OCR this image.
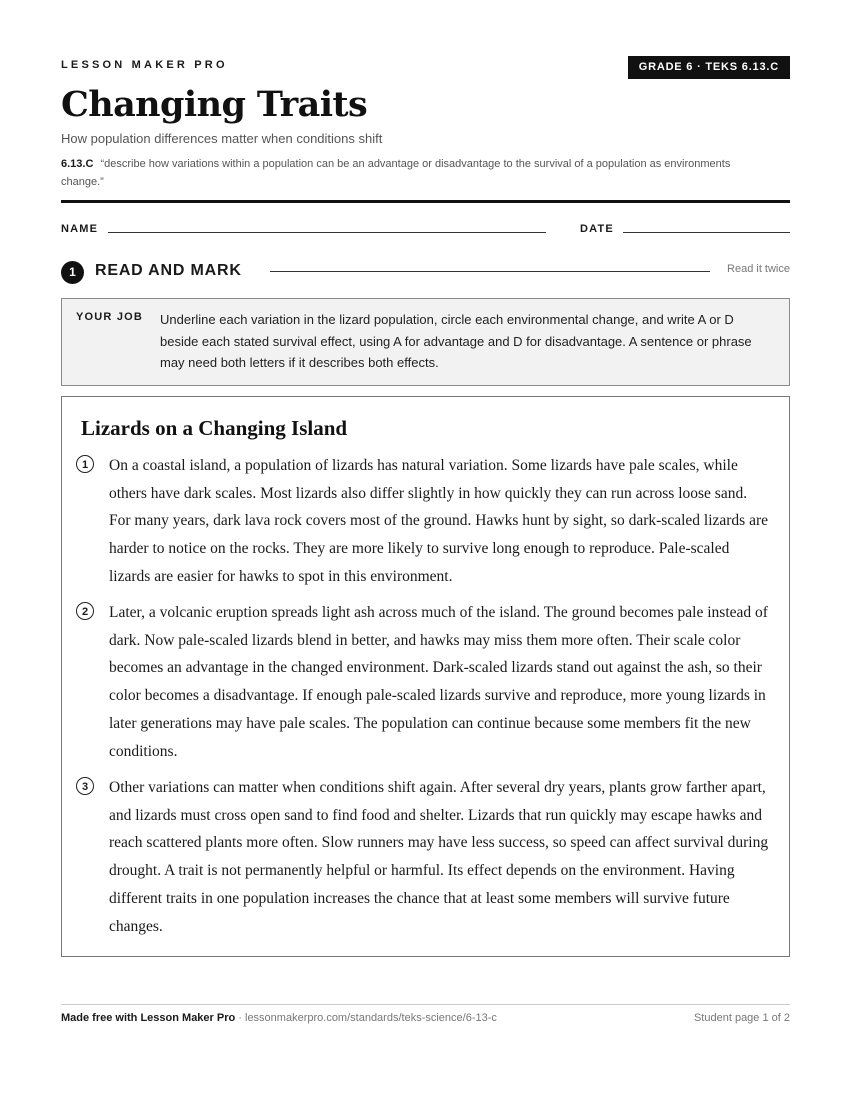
LESSON MAKER PRO	GRADE 6 · TEKS 6.13.C
Changing Traits
How population differences matter when conditions shift
6.13.C “describe how variations within a population can be an advantage or disadvantage to the survival of a population as environments change.”
NAME	DATE
1	READ AND MARK	Read it twice
YOUR JOB Underline each variation in the lizard population, circle each environmental change, and write A or D beside each stated survival effect, using A for advantage and D for disadvantage. A sentence or phrase may need both letters if it describes both effects.
Lizards on a Changing Island
1	On a coastal island, a population of lizards has natural variation. Some lizards have pale scales, while others have dark scales. Most lizards also differ slightly in how quickly they can run across loose sand. For many years, dark lava rock covers most of the ground. Hawks hunt by sight, so dark-scaled lizards are harder to notice on the rocks. They are more likely to survive long enough to reproduce. Pale-scaled lizards are easier for hawks to spot in this environment.

2	Later, a volcanic eruption spreads light ash across much of the island. The ground becomes pale instead of dark. Now pale-scaled lizards blend in better, and hawks may miss them more often. Their scale color becomes an advantage in the changed environment. Dark-scaled lizards stand out against the ash, so their color becomes a disadvantage. If enough pale-scaled lizards survive and reproduce, more young lizards in later generations may have pale scales. The population can continue because some members fit the new conditions.

3	Other variations can matter when conditions shift again. After several dry years, plants grow farther apart, and lizards must cross open sand to find food and shelter. Lizards that run quickly may escape hawks and reach scattered plants more often. Slow runners may have less success, so speed can affect survival during drought. A trait is not permanently helpful or harmful. Its effect depends on the environment. Having different traits in one population increases the chance that at least some members will survive future changes.

Made free with Lesson Maker Pro · lessonmakerpro.com/standards/teks-science/6-13-c	Student page 1 of 2
